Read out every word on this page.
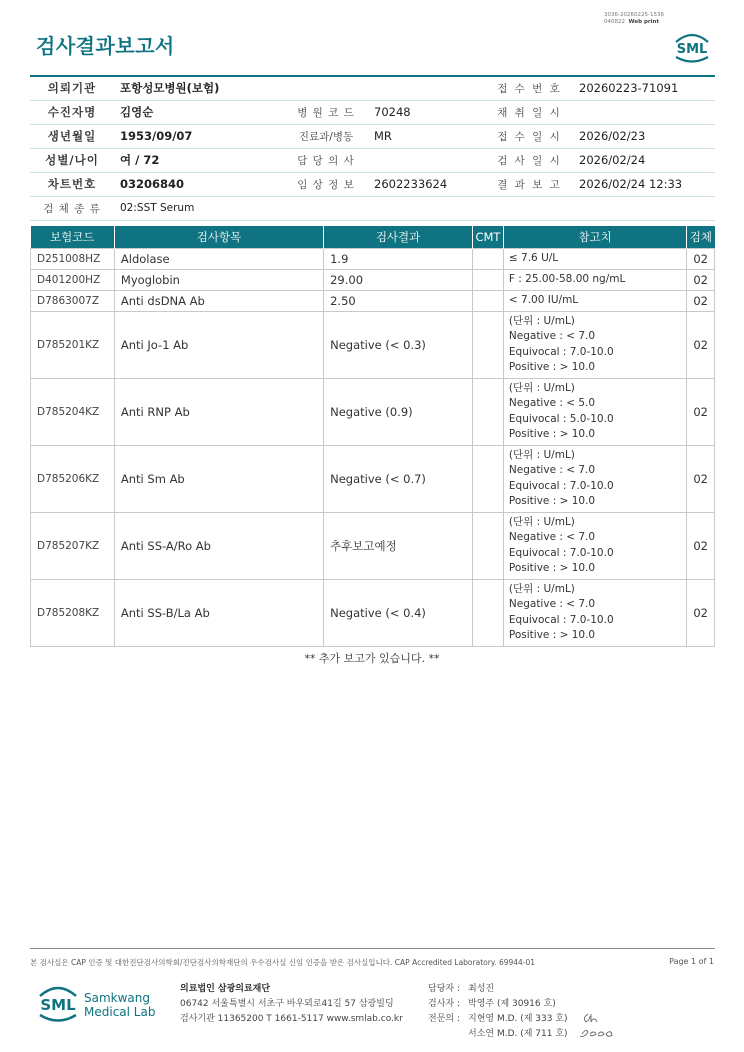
3036-20260225-1536
040822 Web print
검사결과보고서	SML
의뢰기관	포항성모병원(보험)			접 수 번 호	20260223-71091
수진자명	김영순	병 원 코 드	70248	채 취 일 시	
생년월일	1953/09/07	진료과/병동	MR	접 수 일 시	2026/02/23
성별/나이	여 / 72	담 당 의 사		검 사 일 시	2026/02/24
차트번호	03206840	임 상 정 보	2602233624	결 과 보 고	2026/02/24 12:33
검 체 종 류	02:SST Serum				
보험코드	검사항목	검사결과	CMT	참고치	검체
D251008HZ	Aldolase	1.9		≤ 7.6 U/L	02
D401200HZ	Myoglobin	29.00		F : 25.00-58.00 ng/mL	02
D7863007Z	Anti dsDNA Ab	2.50		< 7.00 IU/mL	02
D785201KZ	Anti Jo-1 Ab	Negative (< 0.3)		(단위 : U/mL)
Negative : < 7.0
Equivocal : 7.0-10.0
Positive : > 10.0	02
D785204KZ	Anti RNP Ab	Negative (0.9)		(단위 : U/mL)
Negative : < 5.0
Equivocal : 5.0-10.0
Positive : > 10.0	02
D785206KZ	Anti Sm Ab	Negative (< 0.7)		(단위 : U/mL)
Negative : < 7.0
Equivocal : 7.0-10.0
Positive : > 10.0	02
D785207KZ	Anti SS-A/Ro Ab	추후보고예정		(단위 : U/mL)
Negative : < 7.0
Equivocal : 7.0-10.0
Positive : > 10.0	02
D785208KZ	Anti SS-B/La Ab	Negative (< 0.4)		(단위 : U/mL)
Negative : < 7.0
Equivocal : 7.0-10.0
Positive : > 10.0	02
** 추가 보고가 있습니다. **
본 검사실은 CAP 인증 및 대한진단검사의학회/진단검사의학재단의 우수검사실 신임 인증을 받은 검사실입니다. CAP Accredited Laboratory. 69944-01	Page 1 of 1
SML Samkwang
Medical Lab
의료법인 삼광의료재단
06742 서울특별시 서초구 바우뫼로41길 57 삼광빌딩
검사기관 11365200 T 1661-5117 www.smlab.co.kr
담당자 : 최성진
검사자 : 박영주 (제 30916 호)
전문의 : 지현영 M.D. (제 333 호)
서소연 M.D. (제 711 호)
